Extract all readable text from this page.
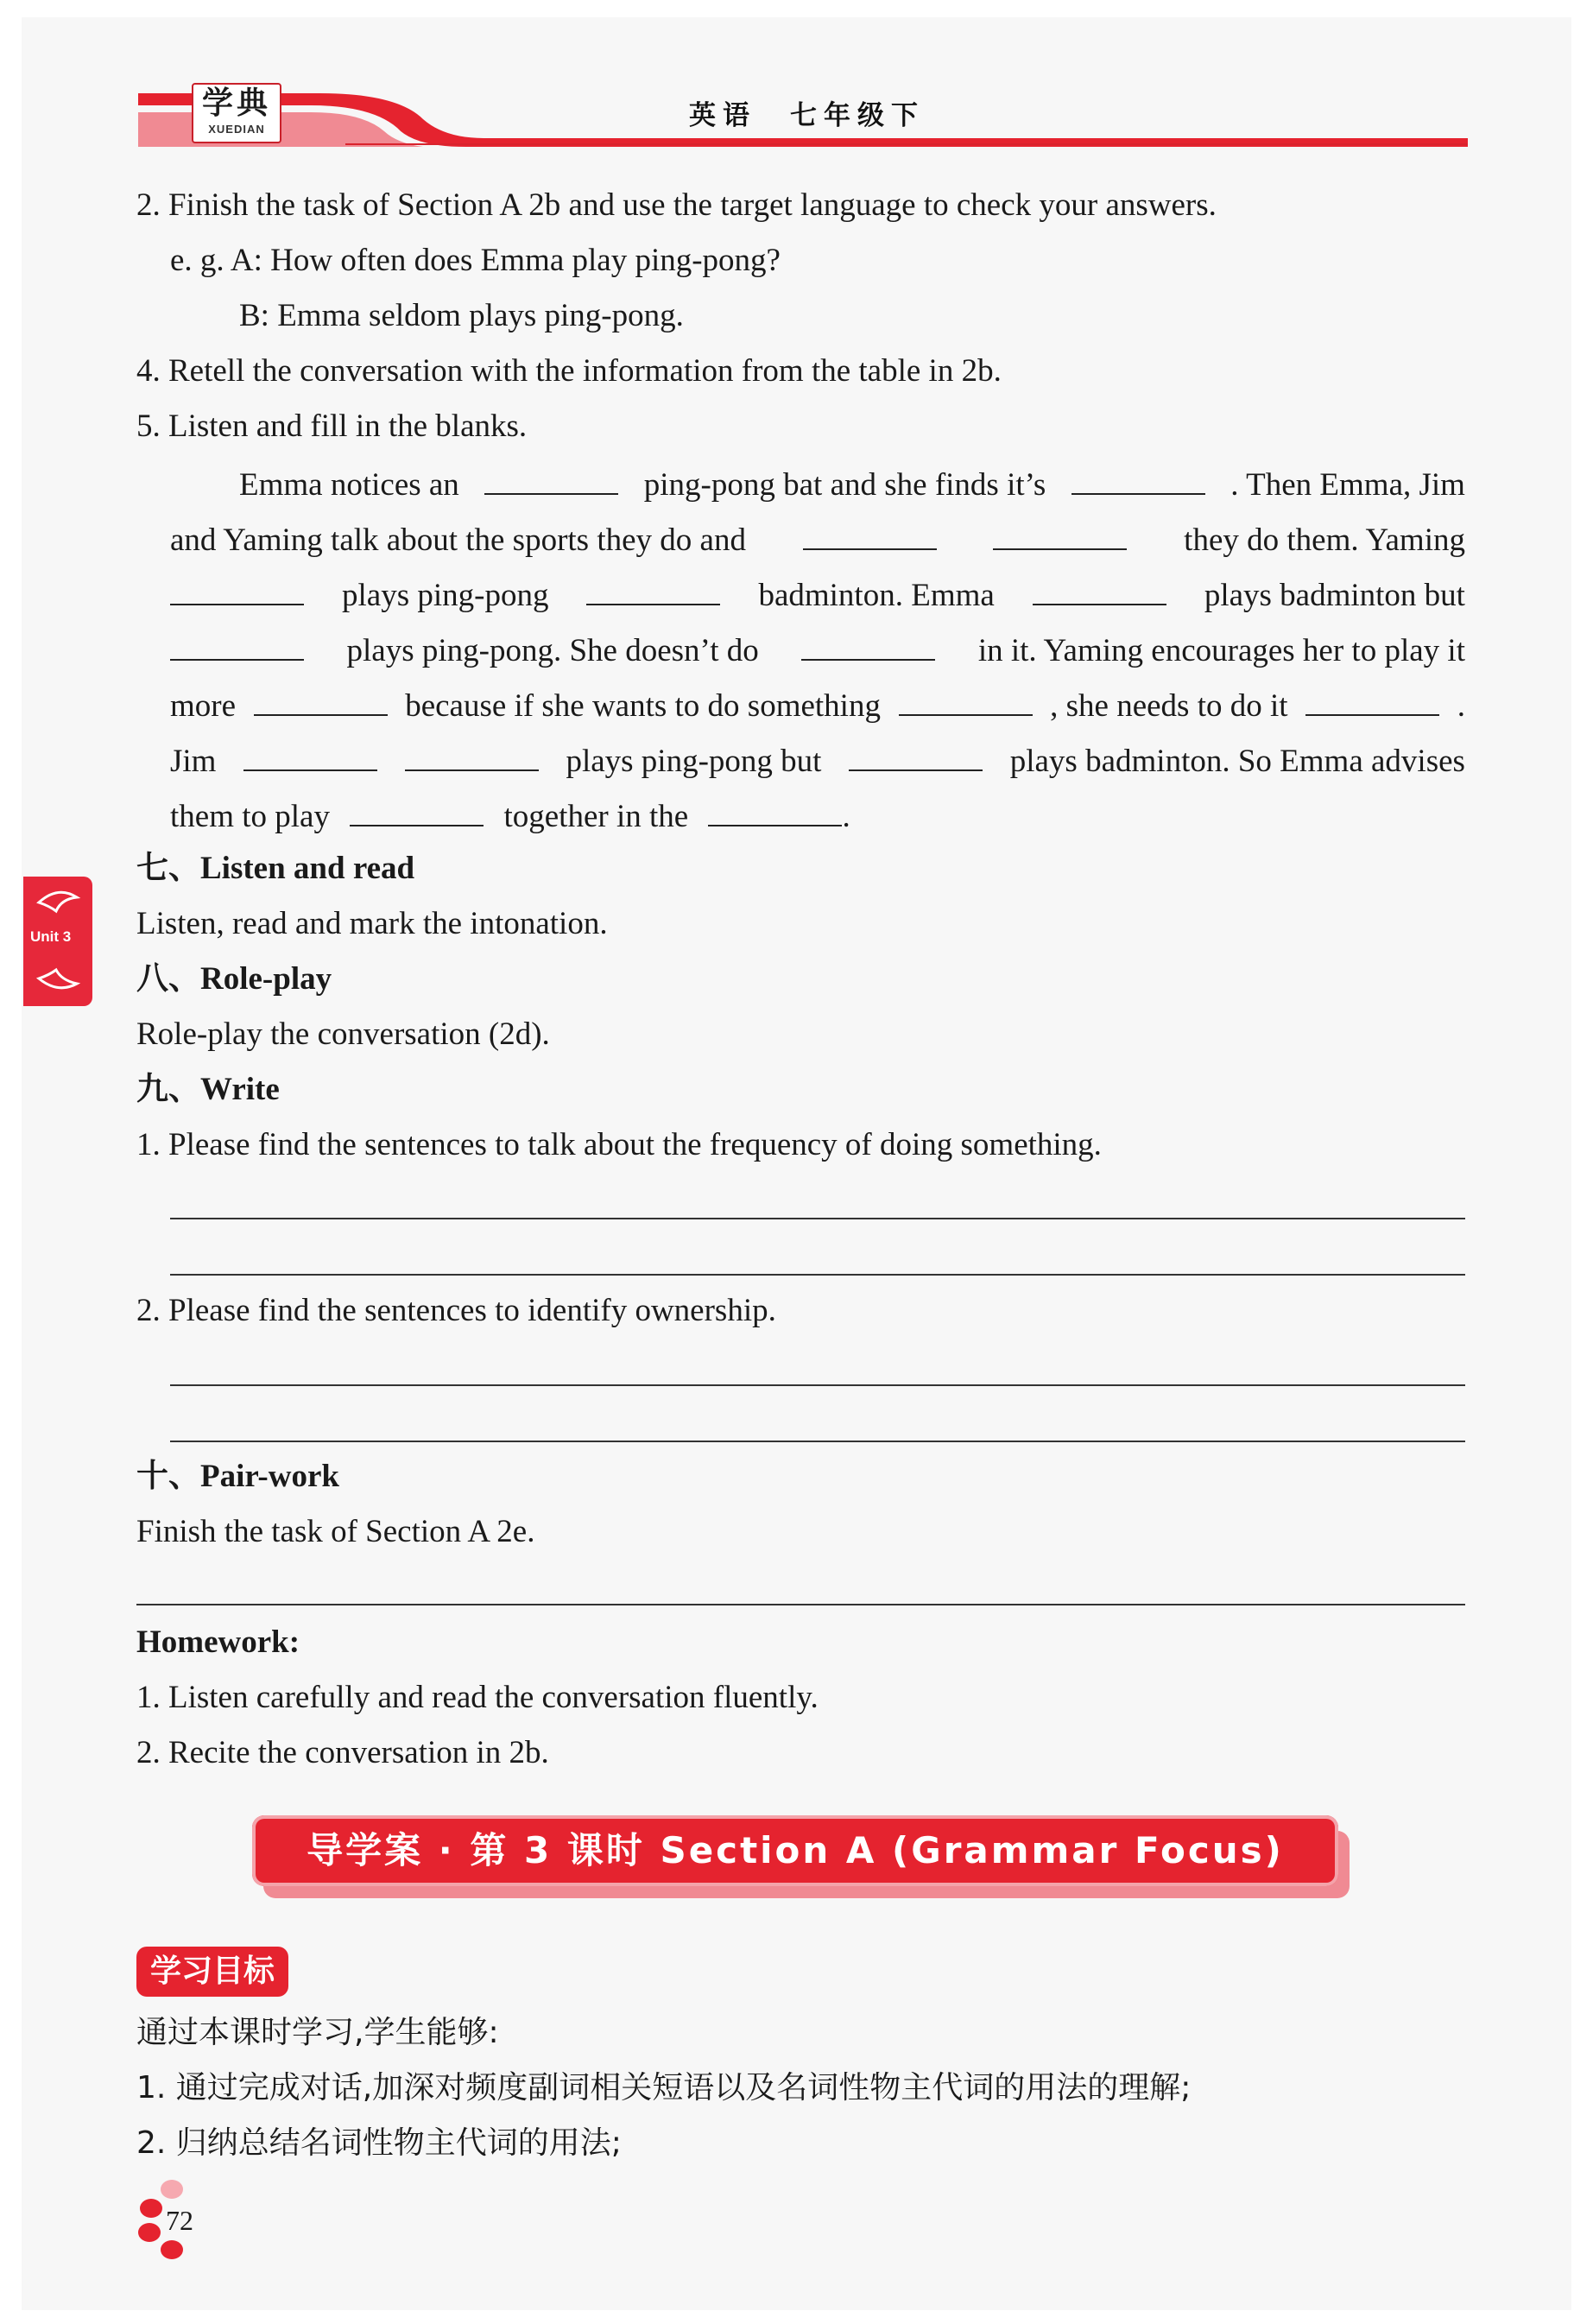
学典
XUEDIAN	英语　七年级下
Unit 3
2. Finish the task of Section A 2b and use the target language to check your answers.
e. g. A: How often does Emma play ping-pong?
B: Emma seldom plays ping-pong.
4. Retell the conversation with the information from the table in 2b.
5. Listen and fill in the blanks.
Emma notices an	ping-pong bat and she finds it’s	. Then Emma, Jim
and Yaming talk about the sports they do and	they do them. Yaming
plays ping-pong	badminton. Emma	plays badminton but
plays ping-pong. She doesn’t do	in it. Yaming encourages her to play it
more	because if she wants to do something	, she needs to do it	.
Jim	plays ping-pong but	plays badminton. So Emma advises
them to play	together in the	.
七、Listen and read
Listen, read and mark the intonation.
八、Role-play
Role-play the conversation (2d).
九、Write
1. Please find the sentences to talk about the frequency of doing something.
2. Please find the sentences to identify ownership.
十、Pair-work
Finish the task of Section A 2e.
Homework:
1. Listen carefully and read the conversation fluently.
2. Recite the conversation in 2b.
导学案 · 第 3 课时 Section A (Grammar Focus)
学习目标
通过本课时学习,学生能够:
1. 通过完成对话,加深对频度副词相关短语以及名词性物主代词的用法的理解;
2. 归纳总结名词性物主代词的用法;
72
